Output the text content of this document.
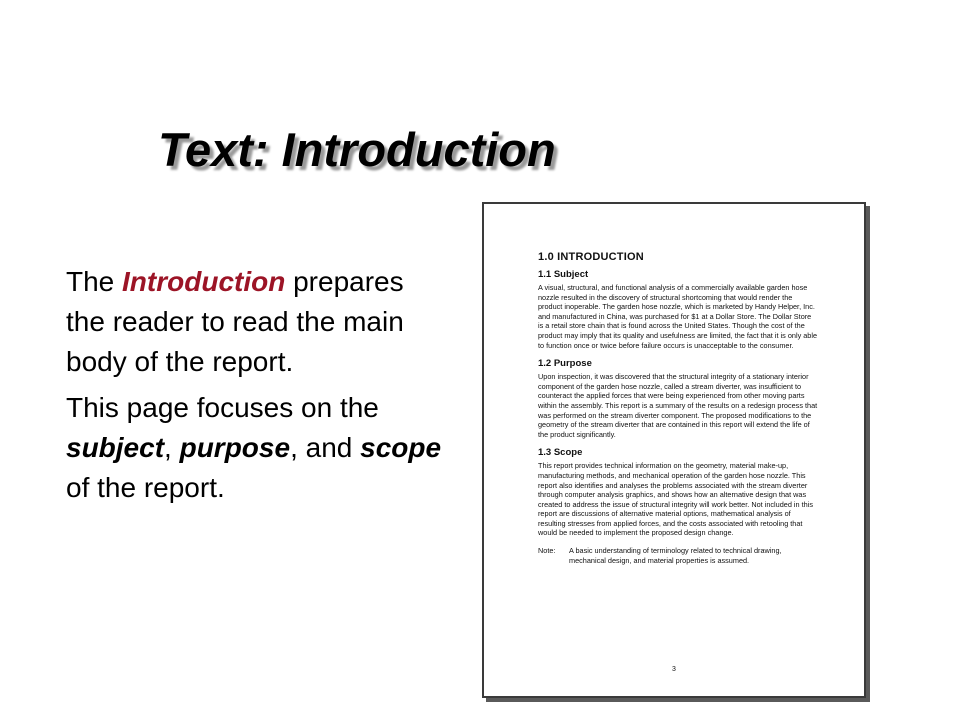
Text: Introduction

The Introduction prepares the reader to read the main body of the report.

This page focuses on the subject, purpose, and scope of the report.

1.0 INTRODUCTION
1.1 Subject
A visual, structural, and functional analysis of a commercially available garden hose nozzle resulted in the discovery of structural shortcoming that would render the product inoperable. The garden hose nozzle, which is marketed by Handy Helper, Inc. and manufactured in China, was purchased for $1 at a Dollar Store. The Dollar Store is a retail store chain that is found across the United States. Though the cost of the product may imply that its quality and usefulness are limited, the fact that it is only able to function once or twice before failure occurs is unacceptable to the consumer.
1.2 Purpose
Upon inspection, it was discovered that the structural integrity of a stationary interior component of the garden hose nozzle, called a stream diverter, was insufficient to counteract the applied forces that were being experienced from other moving parts within the assembly. This report is a summary of the results on a redesign process that was performed on the stream diverter component. The proposed modifications to the geometry of the stream diverter that are contained in this report will extend the life of the product significantly.
1.3 Scope
This report provides technical information on the geometry, material make-up, manufacturing methods, and mechanical operation of the garden hose nozzle. This report also identifies and analyses the problems associated with the stream diverter through computer analysis graphics, and shows how an alternative design that was created to address the issue of structural integrity will work better. Not included in this report are discussions of alternative material options, mathematical analysis of resulting stresses from applied forces, and the costs associated with retooling that would be needed to implement the proposed design change.
Note:	A basic understanding of terminology related to technical drawing, mechanical design, and material properties is assumed.
3
